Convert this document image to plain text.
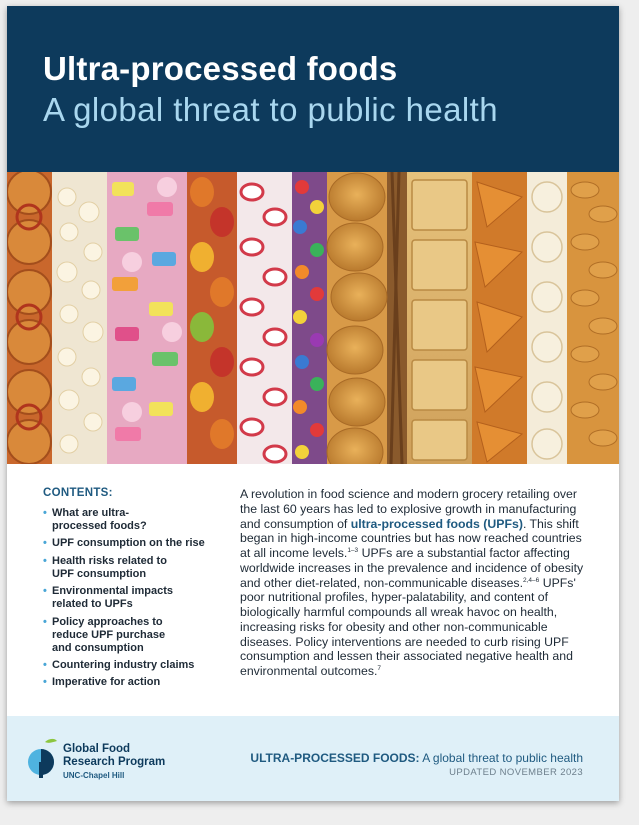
Ultra-processed foods
A global threat to public health
CONTENTS:
• What are ultra-
processed foods?
• UPF consumption on the rise
• Health risks related to
UPF consumption
• Environmental impacts
related to UPFs
• Policy approaches to
reduce UPF purchase
and consumption
• Countering industry claims
• Imperative for action
A revolution in food science and modern grocery retailing over the last 60 years has led to explosive growth in manufacturing and consumption of ultra-processed foods (UPFs). This shift began in high-income countries but has now reached countries at all income levels.$^{1-3}$ UPFs are a substantial factor affecting worldwide increases in the prevalence and incidence of obesity and other diet-related, non-communicable diseases.$^{2,4-6}$ UPFs' poor nutritional profiles, hyper-palatability, and content of biologically harmful compounds all wreak havoc on health, increasing risks for obesity and other non-communicable diseases. Policy interventions are needed to curb rising UPF consumption and lessen their associated negative health and environmental outcomes.$^7$
Global Food
Research Program
UNC-Chapel Hill
ULTRA-PROCESSED FOODS: A global threat to public health
UPDATED NOVEMBER 2023
